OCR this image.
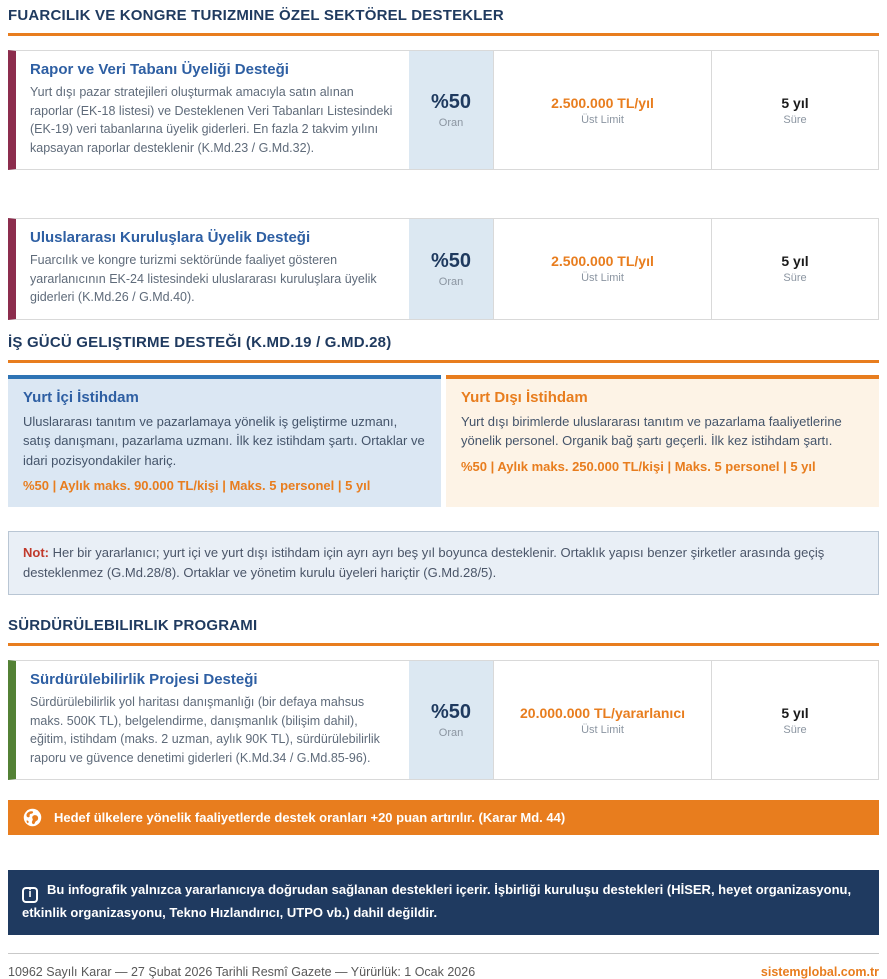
FUARCILIK VE KONGRE TURIZMINE ÖZEL SEKTÖREL DESTEKLER
Rapor ve Veri Tabanı Üyeliği Desteği
Yurt dışı pazar stratejileri oluşturmak amacıyla satın alınan raporlar (EK-18 listesi) ve Desteklenen Veri Tabanları Listesindeki (EK-19) veri tabanlarına üyelik giderleri. En fazla 2 takvim yılını kapsayan raporlar desteklenir (K.Md.23 / G.Md.32).
%50
Oran
2.500.000 TL/yıl
Üst Limit
5 yıl
Süre
Uluslararası Kuruluşlara Üyelik Desteği
Fuarcılık ve kongre turizmi sektöründe faaliyet gösteren yararlanıcının EK-24 listesindeki uluslararası kuruluşlara üyelik giderleri (K.Md.26 / G.Md.40).
%50
Oran
2.500.000 TL/yıl
Üst Limit
5 yıl
Süre
İŞ GÜCÜ GELIŞTIRME DESTEĞI (K.MD.19 / G.MD.28)
Yurt İçi İstihdam
Uluslararası tanıtım ve pazarlamaya yönelik iş geliştirme uzmanı, satış danışmanı, pazarlama uzmanı. İlk kez istihdam şartı. Ortaklar ve idari pozisyondakiler hariç.
%50 | Aylık maks. 90.000 TL/kişi | Maks. 5 personel | 5 yıl
Yurt Dışı İstihdam
Yurt dışı birimlerde uluslararası tanıtım ve pazarlama faaliyetlerine yönelik personel. Organik bağ şartı geçerli. İlk kez istihdam şartı.
%50 | Aylık maks. 250.000 TL/kişi | Maks. 5 personel | 5 yıl
Not: Her bir yararlanıcı; yurt içi ve yurt dışı istihdam için ayrı ayrı beş yıl boyunca desteklenir. Ortaklık yapısı benzer şirketler arasında geçiş desteklenmez (G.Md.28/8). Ortaklar ve yönetim kurulu üyeleri hariçtir (G.Md.28/5).
SÜRDÜRÜLEBILIRLIK PROGRAMI
Sürdürülebilirlik Projesi Desteği
Sürdürülebilirlik yol haritası danışmanlığı (bir defaya mahsus maks. 500K TL), belgelendirme, danışmanlık (bilişim dahil), eğitim, istihdam (maks. 2 uzman, aylık 90K TL), sürdürülebilirlik raporu ve güvence denetimi giderleri (K.Md.34 / G.Md.85-96).
%50
Oran
20.000.000 TL/yararlanıcı
Üst Limit
5 yıl
Süre
Hedef ülkelere yönelik faaliyetlerde destek oranları +20 puan artırılır. (Karar Md. 44)
i Bu infografik yalnızca yararlanıcıya doğrudan sağlanan destekleri içerir. İşbirliği kuruluşu destekleri (HİSER, heyet organizasyonu, etkinlik organizasyonu, Tekno Hızlandırıcı, UTPO vb.) dahil değildir.
10962 Sayılı Karar — 27 Şubat 2026 Tarihli Resmî Gazete — Yürürlük: 1 Ocak 2026	sistemglobal.com.tr
